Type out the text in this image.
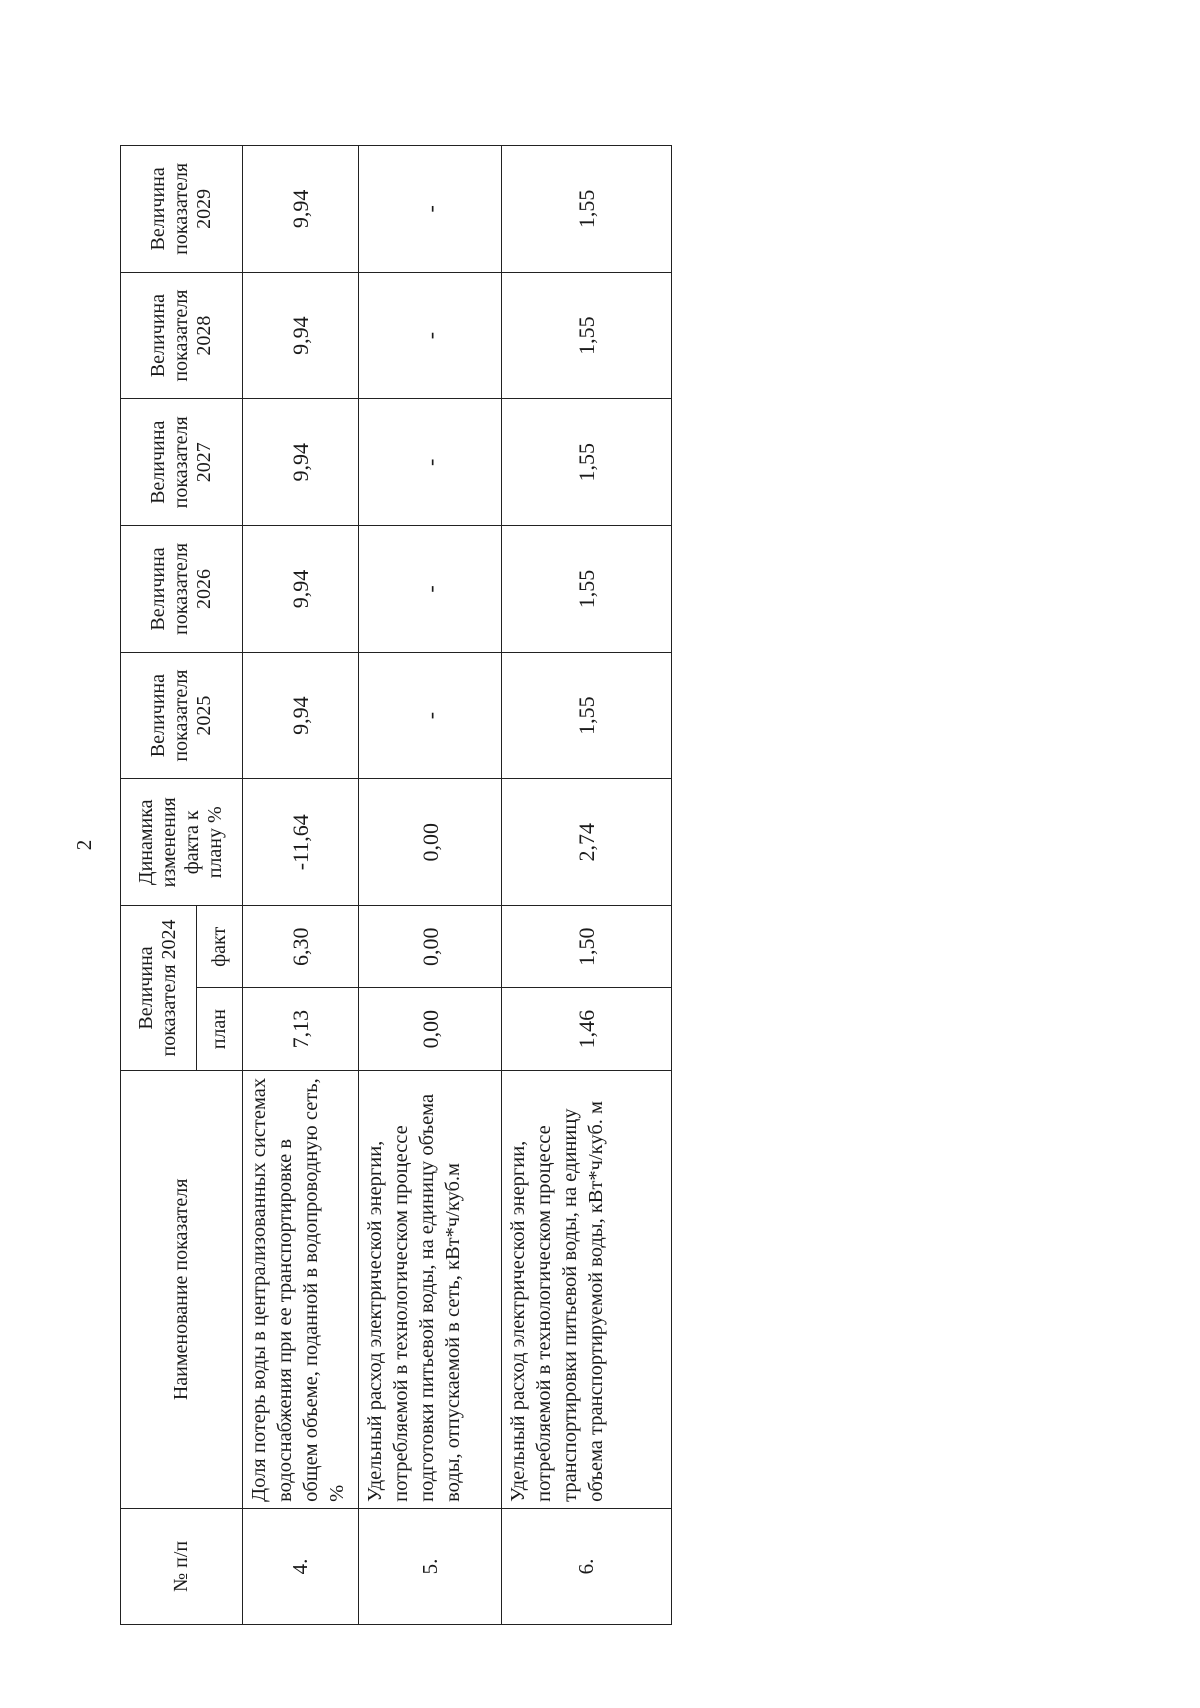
2
№ п/п	Наименование показателя	Величина показателя 2024		Динамика изменения факта к плану %	Величина показателя 2025	Величина показателя 2026	Величина показателя 2027	Величина показателя 2028	Величина показателя 2029
		план	факт						
4.	Доля потерь воды в централизованных системах водоснабжения при ее транспортировке в общем объеме, поданной в водопроводную сеть, %	7,13	6,30	-11,64	9,94	9,94	9,94	9,94	9,94
5.	Удельный расход электрической энергии, потребляемой в технологическом процессе подготовки питьевой воды, на единицу объема воды, отпускаемой в сеть, кВт*ч/куб.м	0,00	0,00	0,00	-	-	-	-	-
6.	Удельный расход электрической энергии, потребляемой в технологическом процессе транспортировки питьевой воды, на единицу объема транспортируемой воды, кВт*ч/куб. м	1,46	1,50	2,74	1,55	1,55	1,55	1,55	1,55
